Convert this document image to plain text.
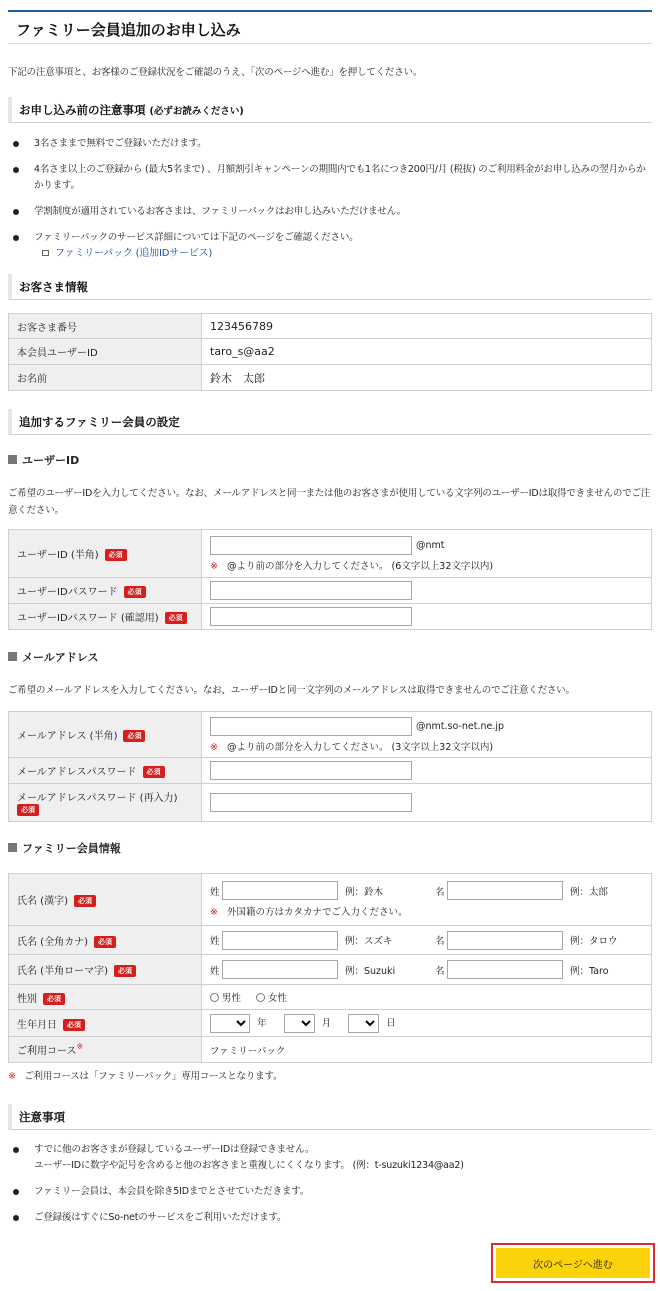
ファミリー会員追加のお申し込み

下記の注意事項と、お客様のご登録状況をご確認のうえ、「次のページへ進む」を押してください。

お申し込み前の注意事項 (必ずお読みください)
3名さままで無料でご登録いただけます。
4名さま以上のご登録から (最大5名まで) 、月額割引キャンペーンの期間内でも1名につき200円/月 (税抜) のご利用料金がお申し込みの翌月からかかります。
学割制度が適用されているお客さまは、ファミリーパックはお申し込みいただけません。
ファミリーパックのサービス詳細については下記のページをご確認ください。
ファミリーパック (追加IDサービス)
お客さま情報
お客さま番号	123456789
本会員ユーザーID	taro_s@aa2
お名前	鈴木　太郎
追加するファミリー会員の設定
ユーザーID

ご希望のユーザーIDを入力してください。なお、メールアドレスと同一または他のお客さまが使用している文字列のユーザーIDは取得できませんのでご注意ください。

ユーザーID (半角) 必須	@nmt
※ @より前の部分を入力してください。 (6文字以上32文字以内)

ユーザーIDパスワード 必須	
ユーザーIDパスワード (確認用) 必須	
メールアドレス

ご希望のメールアドレスを入力してください。なお、ユーザーIDと同一文字列のメールアドレスは取得できませんのでご注意ください。

メールアドレス (半角) 必須	@nmt.so-net.ne.jp
※ @より前の部分を入力してください。 (3文字以上32文字以内)

メールアドレスパスワード 必須	
メールアドレスパスワード (再入力)
必須	
ファミリー会員情報
氏名 (漢字) 必須	姓 例：鈴木 名 例：太郎
※ 外国籍の方はカタカナでご入力ください。

氏名 (全角カナ) 必須	姓 例：スズキ 名 例：タロウ

氏名 (半角ローマ字) 必須	姓 例：Suzuki 名 例：Taro

性別 必須	男性 女性
生年月日 必須	年 月 日
ご利用コース※	ファミリーパック

※ ご利用コースは「ファミリーパック」専用コースとなります。

注意事項
すでに他のお客さまが登録しているユーザーIDは登録できません。
ユーザーIDに数字や記号を含めると他のお客さまと重複しにくくなります。 (例：t-suzuki1234@aa2)
ファミリー会員は、本会員を除き5IDまでとさせていただきます。
ご登録後はすぐにSo-netのサービスをご利用いただけます。
次のページへ進む
